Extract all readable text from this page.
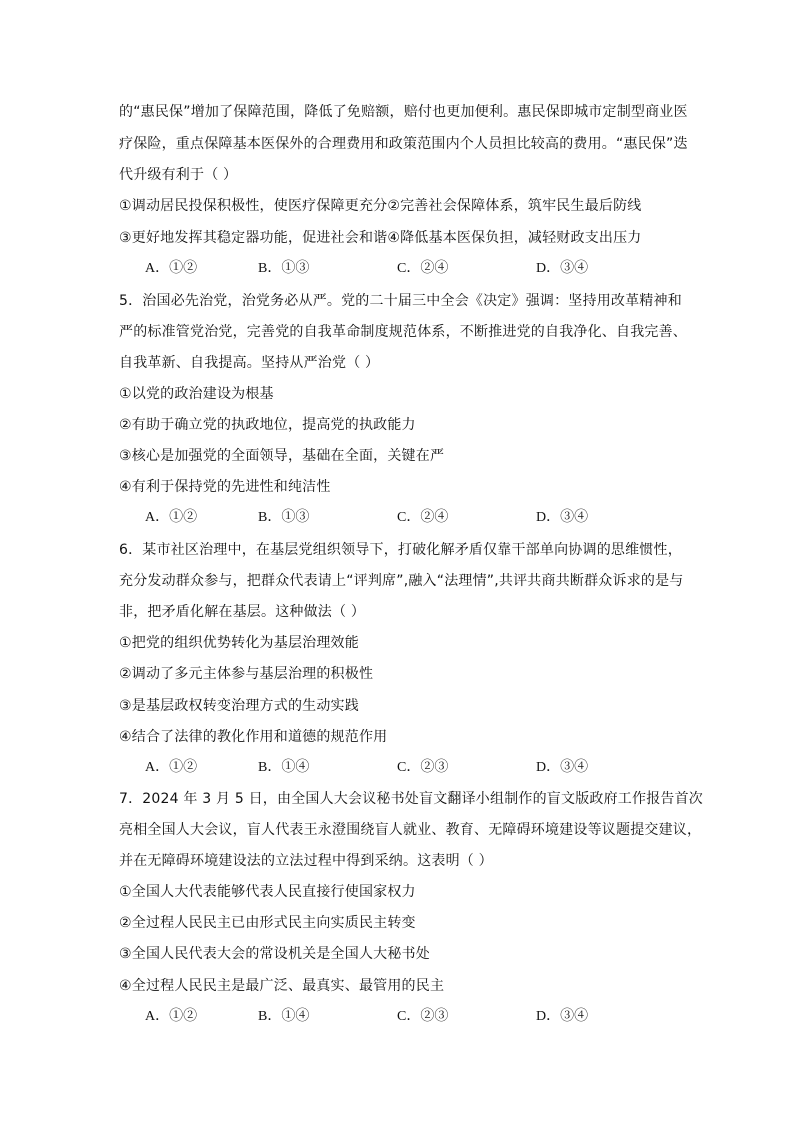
的“惠民保”增加了保障范围，降低了免赔额，赔付也更加便利。惠民保即城市定制型商业医
疗保险，重点保障基本医保外的合理费用和政策范围内个人员担比较高的费用。“惠民保”迭
代升级有利于（ ）
①调动居民投保积极性，使医疗保障更充分②完善社会保障体系，筑牢民生最后防线
③更好地发挥其稳定器功能，促进社会和谐④降低基本医保负担，减轻财政支出压力
A．①②	B．①③	C．②④	D．③④
5．治国必先治党，治党务必从严。党的二十届三中全会《决定》强调：坚持用改革精神和
严的标准管党治党，完善党的自我革命制度规范体系，不断推进党的自我净化、自我完善、
自我革新、自我提高。坚持从严治党（ ）
①以党的政治建设为根基
②有助于确立党的执政地位，提高党的执政能力
③核心是加强党的全面领导，基础在全面，关键在严
④有利于保持党的先进性和纯洁性
A．①②	B．①③	C．②④	D．③④
6．某市社区治理中，在基层党组织领导下，打破化解矛盾仅靠干部单向协调的思维惯性，
充分发动群众参与，把群众代表请上“评判席”,融入“法理情”,共评共商共断群众诉求的是与
非，把矛盾化解在基层。这种做法（ ）
①把党的组织优势转化为基层治理效能
②调动了多元主体参与基层治理的积极性
③是基层政权转变治理方式的生动实践
④结合了法律的教化作用和道德的规范作用
A．①②	B．①④	C．②③	D．③④
7．2024 年 3 月 5 日，由全国人大会议秘书处盲文翻译小组制作的盲文版政府工作报告首次
亮相全国人大会议，盲人代表王永澄围绕盲人就业、教育、无障碍环境建设等议题提交建议，
并在无障碍环境建设法的立法过程中得到采纳。这表明（ ）
①全国人大代表能够代表人民直接行使国家权力
②全过程人民民主已由形式民主向实质民主转变
③全国人民代表大会的常设机关是全国人大秘书处
④全过程人民民主是最广泛、最真实、最管用的民主
A．①②	B．①④	C．②③	D．③④
